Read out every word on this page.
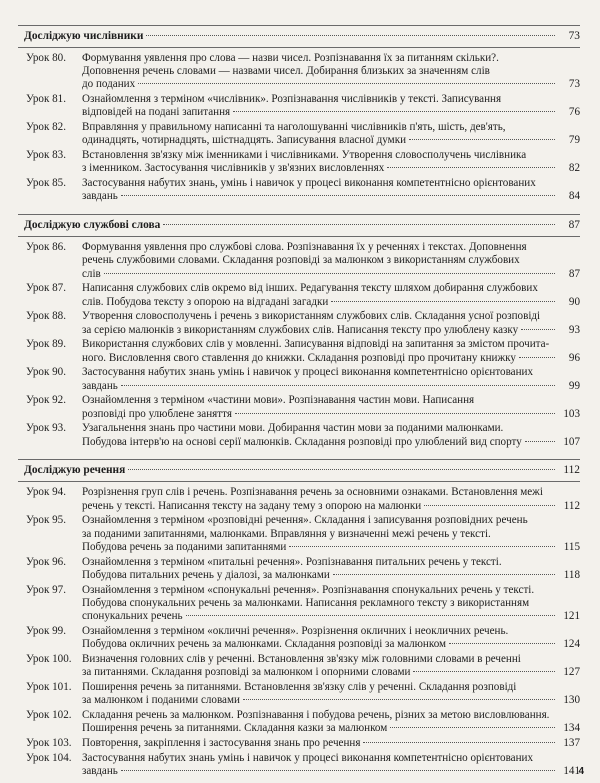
Досліджую числівники	73
Урок 80.	Формування уявлення про слова — назви чисел. Розпізнавання їх за питанням скільки?.
Доповнення речень словами — назвами чисел. Добирання близьких за значенням слів
до поданих	73
Урок 81.	Ознайомлення з терміном «числівник». Розпізнавання числівників у тексті. Записування
відповідей на подані запитання	76
Урок 82.	Вправляння у правильному написанні та наголошуванні числівників п'ять, шість, дев'ять,
одинадцять, чотирнадцять, шістнадцять. Записування власної думки	79
Урок 83.	Встановлення зв'язку між іменниками і числівниками. Утворення словосполучень числівника
з іменником. Застосування числівників у зв'язних висловленнях	82
Урок 85.	Застосування набутих знань, умінь і навичок у процесі виконання компетентнісно орієнтованих
завдань	84
Досліджую службові слова	87
Урок 86.	Формування уявлення про службові слова. Розпізнавання їх у реченнях і текстах. Доповнення
речень службовими словами. Складання розповіді за малюнком з використанням службових
слів	87
Урок 87.	Написання службових слів окремо від інших. Редагування тексту шляхом добирання службових
слів. Побудова тексту з опорою на відгадані загадки	90
Урок 88.	Утворення словосполучень і речень з використанням службових слів. Складання усної розповіді
за серією малюнків з використанням службових слів. Написання тексту про улюблену казку	93
Урок 89.	Використання службових слів у мовленні. Записування відповіді на запитання за змістом прочита-
ного. Висловлення свого ставлення до книжки. Складання розповіді про прочитану книжку	96
Урок 90.	Застосування набутих знань умінь і навичок у процесі виконання компетентнісно орієнтованих
завдань	99
Урок 92.	Ознайомлення з терміном «частини мови». Розпізнавання частин мови. Написання
розповіді про улюблене заняття	103
Урок 93.	Узагальнення знань про частини мови. Добирання частин мови за поданими малюнками.
Побудова інтерв'ю на основі серії малюнків. Складання розповіді про улюблений вид спорту	107
Досліджую речення	112
Урок 94.	Розрізнення груп слів і речень. Розпізнавання речень за основними ознаками. Встановлення межі
речень у тексті. Написання тексту на задану тему з опорою на малюнки	112
Урок 95.	Ознайомлення з терміном «розповідні речення». Складання і записування розповідних речень
за поданими запитаннями, малюнками. Вправляння у визначенні межі речень у тексті.
Побудова речень за поданими запитаннями	115
Урок 96.	Ознайомлення з терміном «питальні речення». Розпізнавання питальних речень у тексті.
Побудова питальних речень у діалозі, за малюнками	118
Урок 97.	Ознайомлення з терміном «спонукальні речення». Розпізнавання спонукальних речень у тексті.
Побудова спонукальних речень за малюнками. Написання рекламного тексту з використанням
спонукальних речень	121
Урок 99.	Ознайомлення з терміном «окличні речення». Розрізнення окличних і неокличних речень.
Побудова окличних речень за малюнками. Складання розповіді за малюнком	124
Урок 100. Визначення головних слів у реченні. Встановлення зв'язку між головними словами в реченні
за питаннями. Складання розповіді за малюнком і опорними словами	127
Урок 101. Поширення речень за питаннями. Встановлення зв'язку слів у реченні. Складання розповіді
за малюнком і поданими словами	130
Урок 102. Складання речень за малюнком. Розпізнавання і побудова речень, різних за метою висловлювання.
Поширення речень за питаннями. Складання казки за малюнком	134
Урок 103. Повторення, закріплення і застосування знань про речення	137
Урок 104. Застосування набутих знань умінь і навичок у процесі виконання компетентнісно орієнтованих
завдань	141
4
